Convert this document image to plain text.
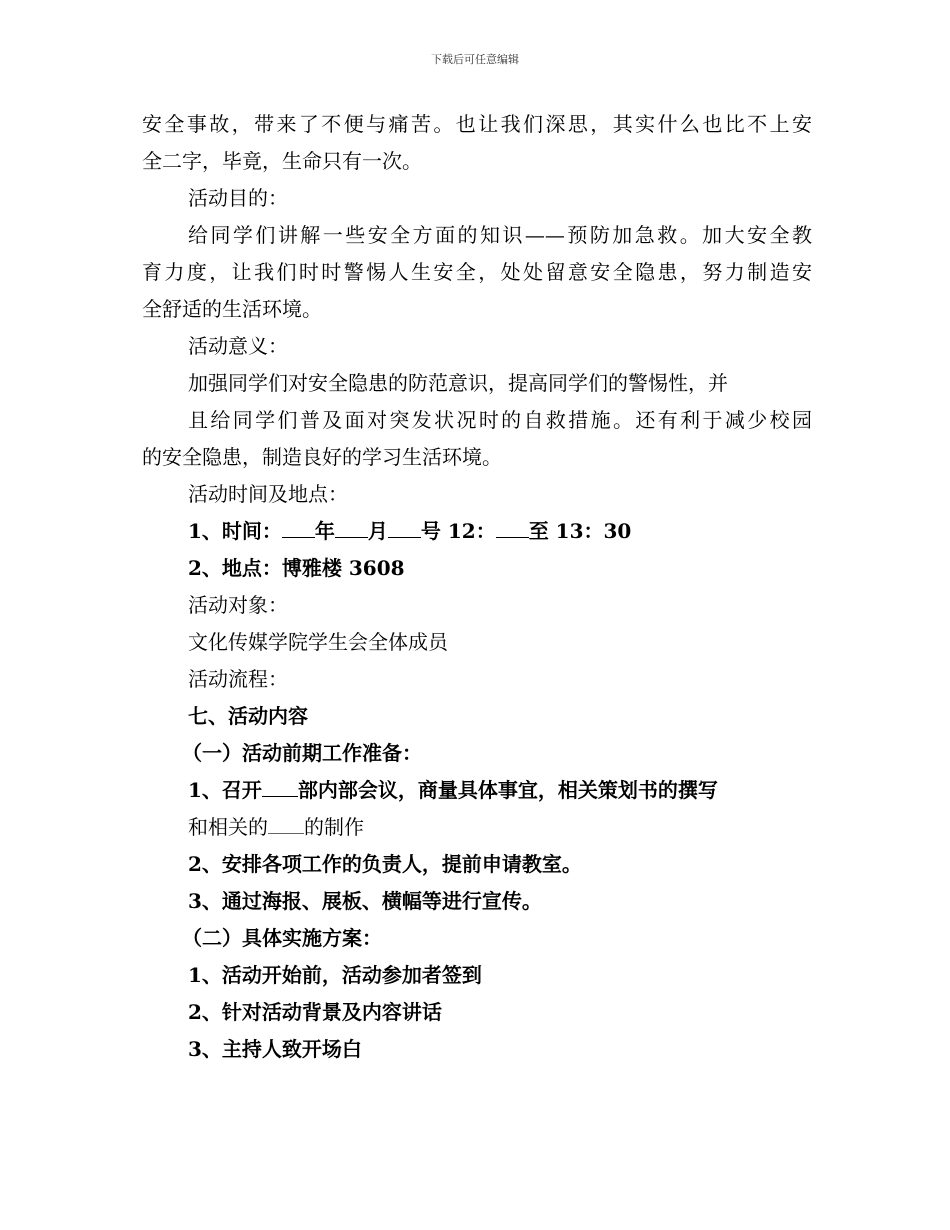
下载后可任意编辑
安全事故，带来了不便与痛苦。也让我们深思，其实什么也比不上安
全二字，毕竟，生命只有一次。
活动目的：
给同学们讲解一些安全方面的知识——预防加急救。加大安全教
育力度，让我们时时警惕人生安全，处处留意安全隐患，努力制造安
全舒适的生活环境。
活动意义：
加强同学们对安全隐患的防范意识，提高同学们的警惕性，并
且给同学们普及面对突发状况时的自救措施。还有利于减少校园
的安全隐患，制造良好的学习生活环境。
活动时间及地点：
1、时间： 年 月 号 12： 至 13：30
2、地点：博雅楼 3608
活动对象：
文化传媒学院学生会全体成员
活动流程：
七、活动内容
（一）活动前期工作准备：
1、召开 部内部会议，商量具体事宜，相关策划书的撰写
和相关的 的制作
2、安排各项工作的负责人，提前申请教室。
3、通过海报、展板、横幅等进行宣传。
（二）具体实施方案：
1、活动开始前，活动参加者签到
2、针对活动背景及内容讲话
3、主持人致开场白
